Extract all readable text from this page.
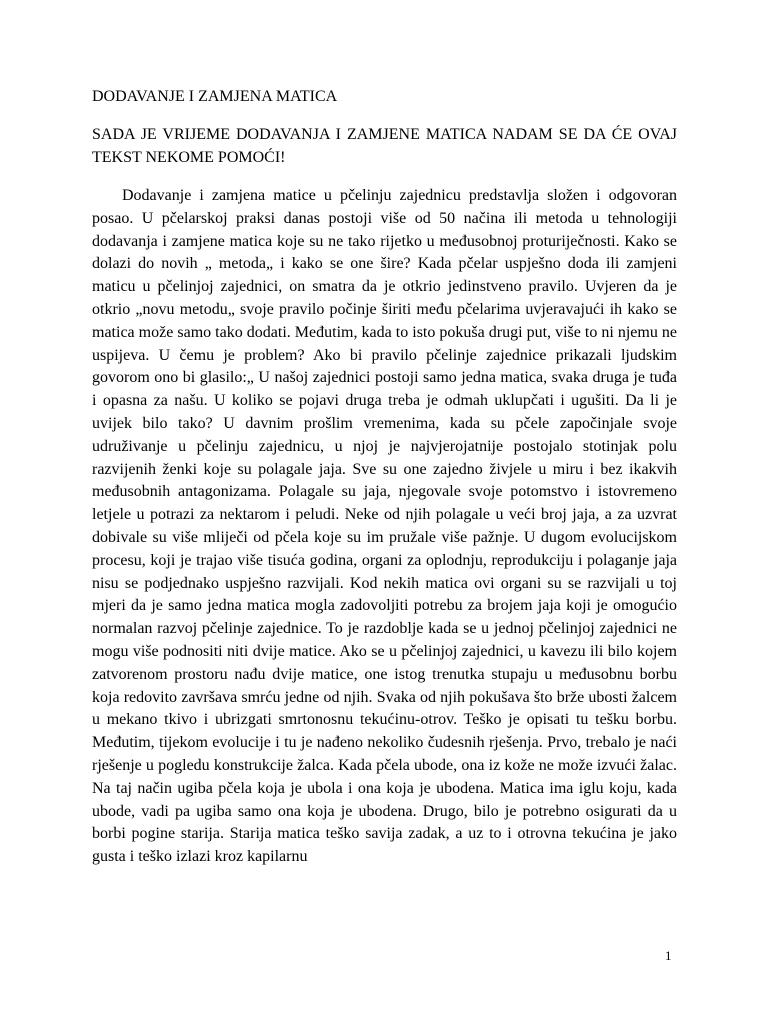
DODAVANJE I ZAMJENA MATICA
SADA JE VRIJEME DODAVANJA I ZAMJENE MATICA NADAM SE DA ĆE OVAJ TEKST NEKOME POMOĆI!

Dodavanje i zamjena matice u pčelinju zajednicu predstavlja složen i odgovoran posao. U pčelarskoj praksi danas postoji više od 50 načina ili metoda u tehnologiji dodavanja i zamjene matica koje su ne tako rijetko u međusobnoj proturiječnosti. Kako se dolazi do novih „ metoda„ i kako se one šire? Kada pčelar uspješno doda ili zamjeni maticu u pčelinjoj zajednici, on smatra da je otkrio jedinstveno pravilo. Uvjeren da je otkrio „novu metodu„ svoje pravilo počinje širiti među pčelarima uvjeravajući ih kako se matica može samo tako dodati. Međutim, kada to isto pokuša drugi put, više to ni njemu ne uspijeva. U čemu je problem? Ako bi pravilo pčelinje zajednice prikazali ljudskim govorom ono bi glasilo:„ U našoj zajednici postoji samo jedna matica, svaka druga je tuđa i opasna za našu. U koliko se pojavi druga treba je odmah uklupčati i ugušiti. Da li je uvijek bilo tako? U davnim prošlim vremenima, kada su pčele započinjale svoje udruživanje u pčelinju zajednicu, u njoj je najvjerojatnije postojalo stotinjak polu razvijenih ženki koje su polagale jaja. Sve su one zajedno živjele u miru i bez ikakvih međusobnih antagonizama. Polagale su jaja, njegovale svoje potomstvo i istovremeno letjele u potrazi za nektarom i peludi. Neke od njih polagale u veći broj jaja, a za uzvrat dobivale su više mliječi od pčela koje su im pružale više pažnje. U dugom evolucijskom procesu, koji je trajao više tisuća godina, organi za oplodnju, reprodukciju i polaganje jaja nisu se podjednako uspješno razvijali. Kod nekih matica ovi organi su se razvijali u toj mjeri da je samo jedna matica mogla zadovoljiti potrebu za brojem jaja koji je omogućio normalan razvoj pčelinje zajednice. To je razdoblje kada se u jednoj pčelinjoj zajednici ne mogu više podnositi niti dvije matice. Ako se u pčelinjoj zajednici, u kavezu ili bilo kojem zatvorenom prostoru nađu dvije matice, one istog trenutka stupaju u međusobnu borbu koja redovito završava smrću jedne od njih. Svaka od njih pokušava što brže ubosti žalcem u mekano tkivo i ubrizgati smrtonosnu tekućinu-otrov. Teško je opisati tu tešku borbu. Međutim, tijekom evolucije i tu je nađeno nekoliko čudesnih rješenja. Prvo, trebalo je naći rješenje u pogledu konstrukcije žalca. Kada pčela ubode, ona iz kože ne može izvući žalac. Na taj način ugiba pčela koja je ubola i ona koja je ubodena. Matica ima iglu koju, kada ubode, vadi pa ugiba samo ona koja je ubodena. Drugo, bilo je potrebno osigurati da u borbi pogine starija. Starija matica teško savija zadak, a uz to i otrovna tekućina je jako gusta i teško izlazi kroz kapilarnu

1
